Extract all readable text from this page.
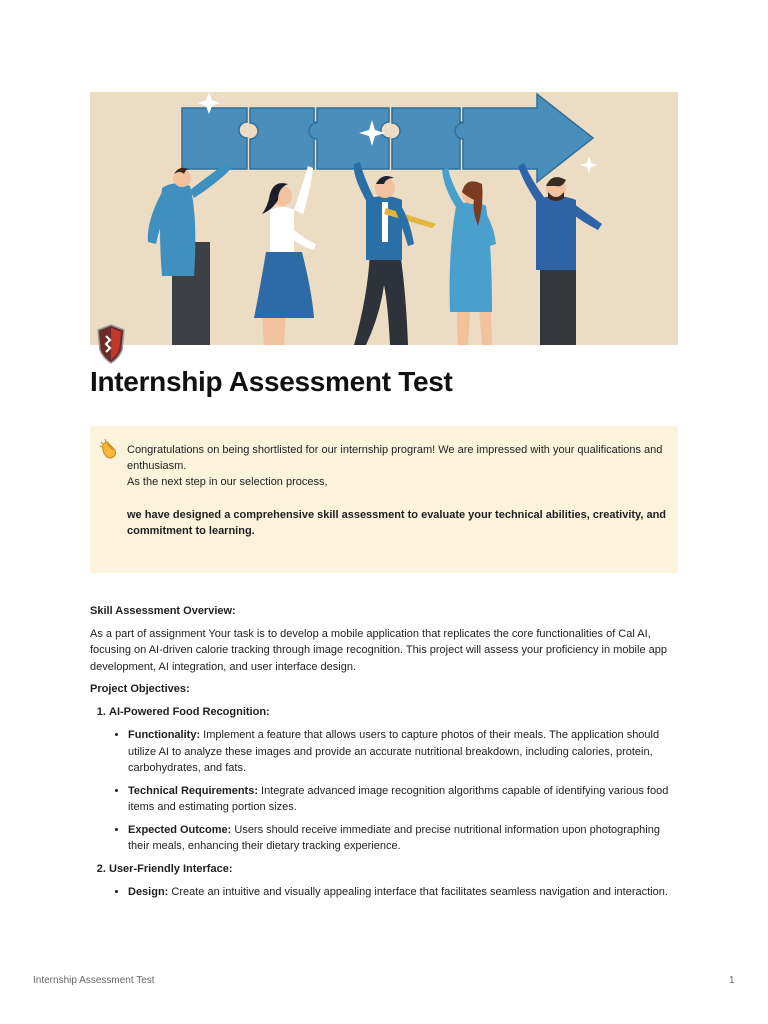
Internship Assessment Test

Congratulations on being shortlisted for our internship program! We are impressed with your qualifications and enthusiasm.

As the next step in our selection process,

we have designed a comprehensive skill assessment to evaluate your technical abilities, creativity, and commitment to learning.

Skill Assessment Overview:

As a part of assignment Your task is to develop a mobile application that replicates the core functionalities of Cal AI, focusing on AI-driven calorie tracking through image recognition. This project will assess your proficiency in mobile app development, AI integration, and user interface design.

Project Objectives:

1. AI-Powered Food Recognition:
• Functionality: Implement a feature that allows users to capture photos of their meals. The application should utilize AI to analyze these images and provide an accurate nutritional breakdown, including calories, protein, carbohydrates, and fats.
• Technical Requirements: Integrate advanced image recognition algorithms capable of identifying various food items and estimating portion sizes.
• Expected Outcome: Users should receive immediate and precise nutritional information upon photographing their meals, enhancing their dietary tracking experience.
2. User-Friendly Interface:
• Design: Create an intuitive and visually appealing interface that facilitates seamless navigation and interaction.
Internship Assessment Test	1
